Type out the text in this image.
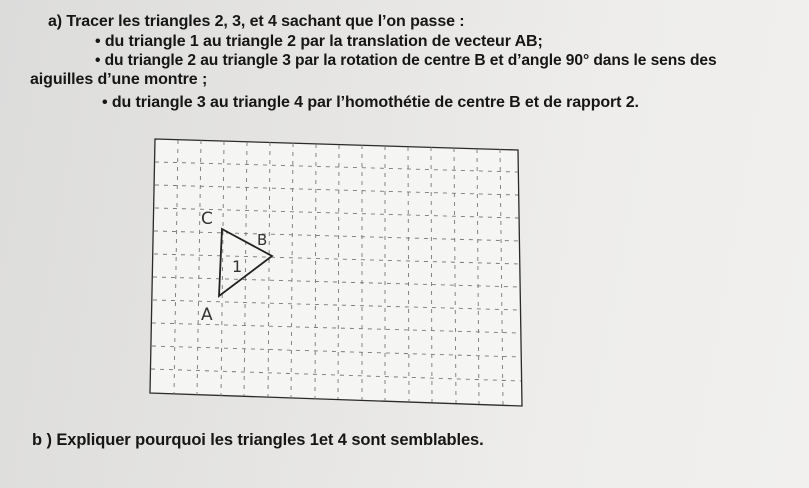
a) Tracer les triangles 2, 3, et 4 sachant que l’on passe :
• du triangle 1 au triangle 2 par la translation de vecteur AB;
• du triangle 2 au triangle 3 par la rotation de centre B et d’angle 90° dans le sens des
aiguilles d’une montre ;
• du triangle 3 au triangle 4 par l’homothétie de centre B et de rapport 2.
C
B
1
A
b ) Expliquer pourquoi les triangles 1et 4 sont semblables.
